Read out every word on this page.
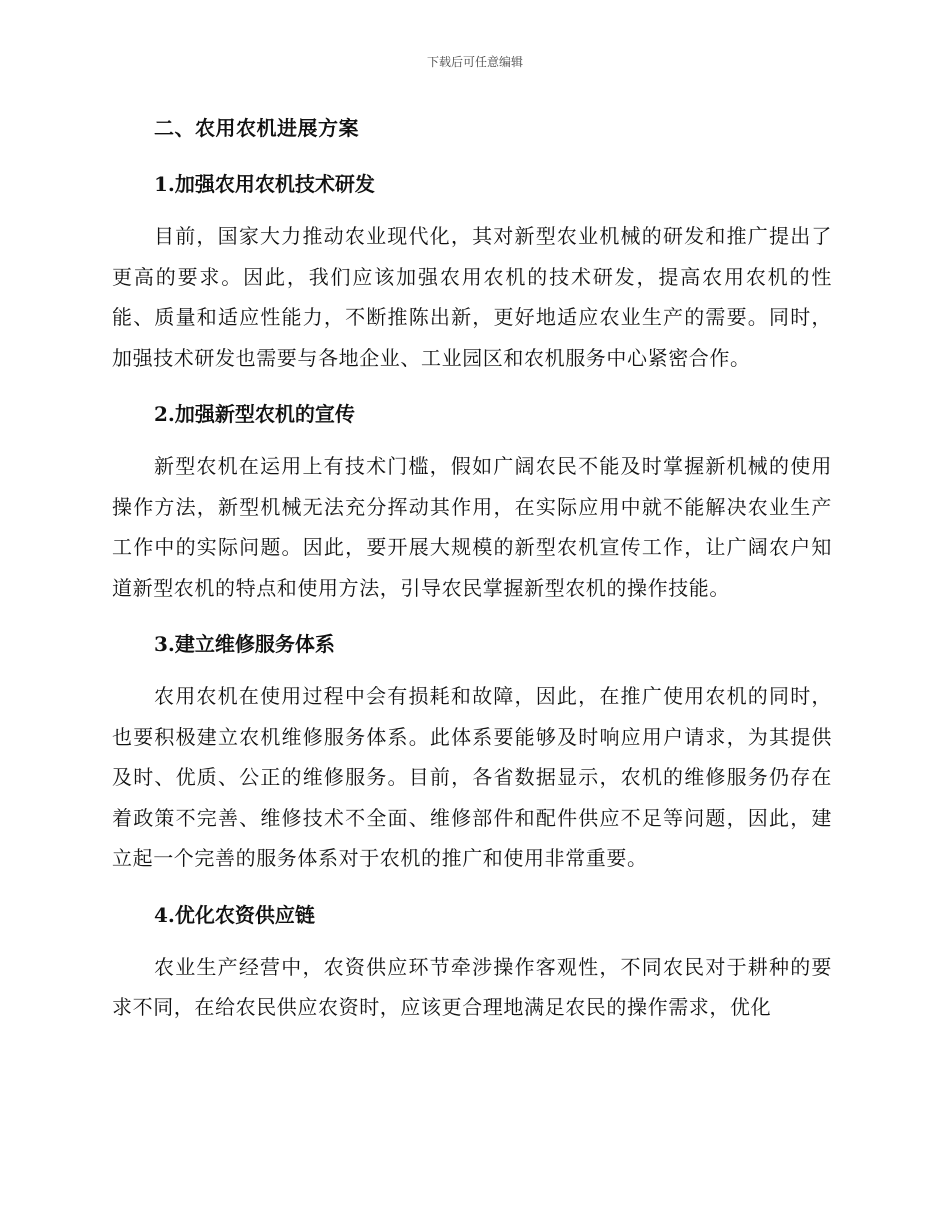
下载后可任意编辑
二、农用农机进展方案
1.加强农用农机技术研发

目前，国家大力推动农业现代化，其对新型农业机械的研发和推广提出了更高的要求。因此，我们应该加强农用农机的技术研发，提高农用农机的性能、质量和适应性能力，不断推陈出新，更好地适应农业生产的需要。同时，加强技术研发也需要与各地企业、工业园区和农机服务中心紧密合作。

2.加强新型农机的宣传

新型农机在运用上有技术门槛，假如广阔农民不能及时掌握新机械的使用操作方法，新型机械无法充分挥动其作用，在实际应用中就不能解决农业生产工作中的实际问题。因此，要开展大规模的新型农机宣传工作，让广阔农户知道新型农机的特点和使用方法，引导农民掌握新型农机的操作技能。

3.建立维修服务体系

农用农机在使用过程中会有损耗和故障，因此，在推广使用农机的同时，也要积极建立农机维修服务体系。此体系要能够及时响应用户请求，为其提供及时、优质、公正的维修服务。目前，各省数据显示，农机的维修服务仍存在着政策不完善、维修技术不全面、维修部件和配件供应不足等问题，因此，建立起一个完善的服务体系对于农机的推广和使用非常重要。

4.优化农资供应链

农业生产经营中，农资供应环节牵涉操作客观性，不同农民对于耕种的要求不同，在给农民供应农资时，应该更合理地满足农民的操作需求，优化
